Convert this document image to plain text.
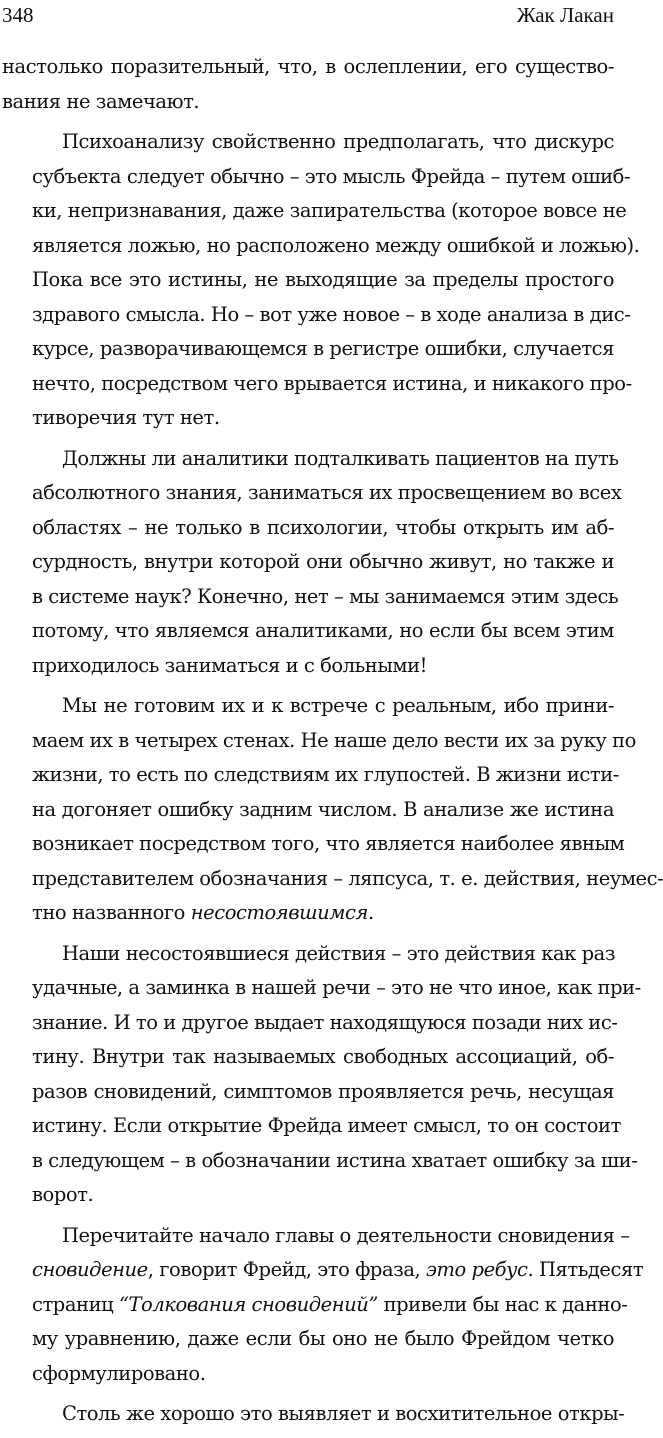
348	Жак Лакан
настолько поразительный, что, в ослеплении, его существо-
вания не замечают.
Психоанализу свойственно предполагать, что дискурс
субъекта следует обычно – это мысль Фрейда – путем ошиб-
ки, непризнавания, даже запирательства (которое вовсе не
является ложью, но расположено между ошибкой и ложью).
Пока все это истины, не выходящие за пределы простого
здравого смысла. Но – вот уже новое – в ходе анализа в дис-
курсе, разворачивающемся в регистре ошибки, случается
нечто, посредством чего врывается истина, и никакого про-
тиворечия тут нет.
Должны ли аналитики подталкивать пациентов на путь
абсолютного знания, заниматься их просвещением во всех
областях – не только в психологии, чтобы открыть им аб-
сурдность, внутри которой они обычно живут, но также и
в системе наук? Конечно, нет – мы занимаемся этим здесь
потому, что являемся аналитиками, но если бы всем этим
приходилось заниматься и с больными!
Мы не готовим их и к встрече с реальным, ибо прини-
маем их в четырех стенах. Не наше дело вести их за руку по
жизни, то есть по следствиям их глупостей. В жизни исти-
на догоняет ошибку задним числом. В анализе же истина
возникает посредством того, что является наиболее явным
представителем обозначания – ляпсуса, т. е. действия, неумес-
тно названного несостоявшимся.
Наши несостоявшиеся действия – это действия как раз
удачные, а заминка в нашей речи – это не что иное, как при-
знание. И то и другое выдает находящуюся позади них ис-
тину. Внутри так называемых свободных ассоциаций, об-
разов сновидений, симптомов проявляется речь, несущая
истину. Если открытие Фрейда имеет смысл, то он состоит
в следующем – в обозначании истина хватает ошибку за ши-
ворот.
Перечитайте начало главы о деятельности сновидения –
сновидение, говорит Фрейд, это фраза, это ребус. Пятьдесят
страниц “Толкования сновидений” привели бы нас к данно-
му уравнению, даже если бы оно не было Фрейдом четко
сформулировано.
Столь же хорошо это выявляет и восхитительное откры-
